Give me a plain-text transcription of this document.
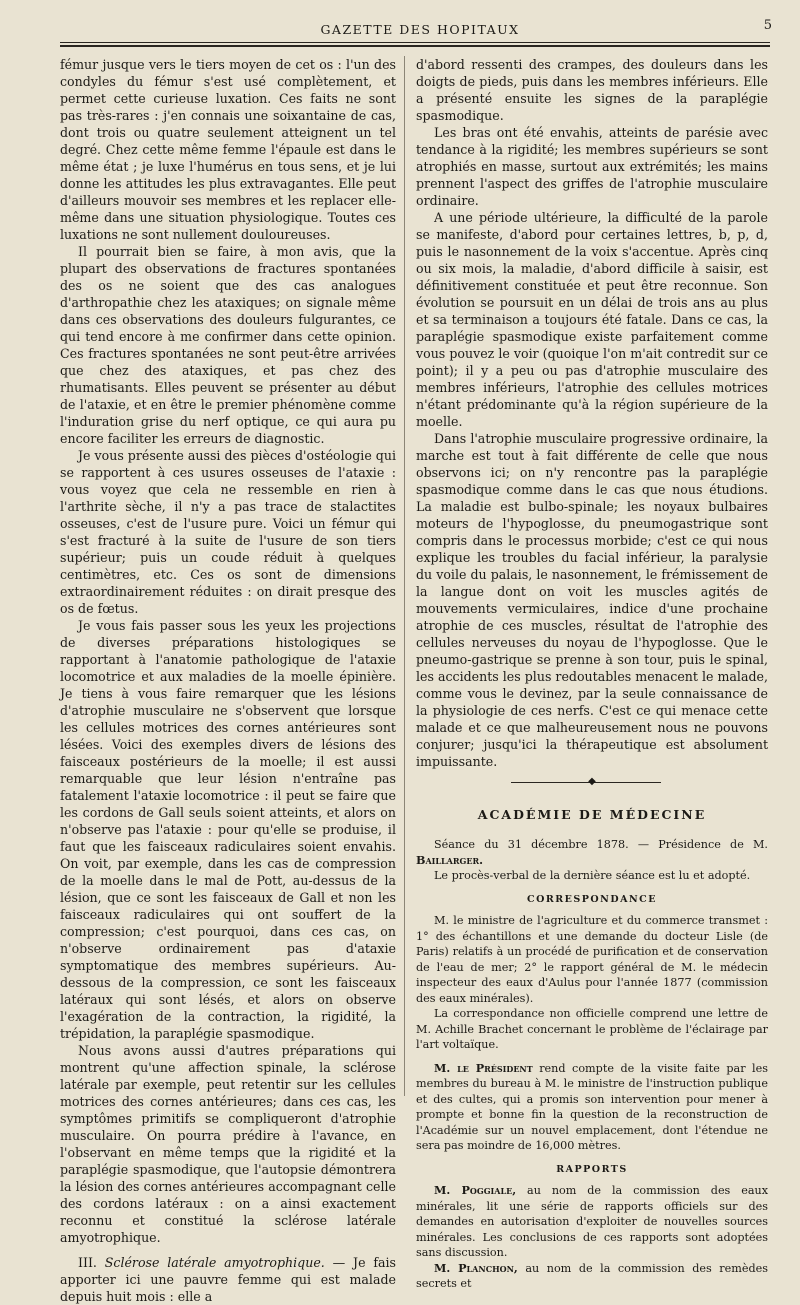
GAZETTE DES HOPITAUX	5

fémur jusque vers le tiers moyen de cet os : l'un des condyles du fémur s'est usé complètement, et permet cette curieuse luxation. Ces faits ne sont pas très-rares : j'en connais une soixantaine de cas, dont trois ou quatre seulement atteignent un tel degré. Chez cette même femme l'épaule est dans le même état ; je luxe l'humérus en tous sens, et je lui donne les attitudes les plus extravagantes. Elle peut d'ailleurs mouvoir ses membres et les replacer elle-même dans une situation physiologique. Toutes ces luxations ne sont nullement douloureuses.

Il pourrait bien se faire, à mon avis, que la plupart des observations de fractures spontanées des os ne soient que des cas analogues d'arthropathie chez les ataxiques; on signale même dans ces observations des douleurs fulgurantes, ce qui tend encore à me confirmer dans cette opinion. Ces fractures spontanées ne sont peut-être arrivées que chez des ataxiques, et pas chez des rhumatisants. Elles peuvent se présenter au début de l'ataxie, et en être le premier phénomène comme l'induration grise du nerf optique, ce qui aura pu encore faciliter les erreurs de diagnostic.

Je vous présente aussi des pièces d'ostéologie qui se rapportent à ces usures osseuses de l'ataxie : vous voyez que cela ne ressemble en rien à l'arthrite sèche, il n'y a pas trace de stalactites osseuses, c'est de l'usure pure. Voici un fémur qui s'est fracturé à la suite de l'usure de son tiers supérieur; puis un coude réduit à quelques centimètres, etc. Ces os sont de dimensions extraordinairement réduites : on dirait presque des os de fœtus.

Je vous fais passer sous les yeux les projections de diverses préparations histologiques se rapportant à l'anatomie pathologique de l'ataxie locomotrice et aux maladies de la moelle épinière. Je tiens à vous faire remarquer que les lésions d'atrophie musculaire ne s'observent que lorsque les cellules motrices des cornes antérieures sont lésées. Voici des exemples divers de lésions des faisceaux postérieurs de la moelle; il est aussi remarquable que leur lésion n'entraîne pas fatalement l'ataxie locomotrice : il peut se faire que les cordons de Gall seuls soient atteints, et alors on n'observe pas l'ataxie : pour qu'elle se produise, il faut que les faisceaux radiculaires soient envahis. On voit, par exemple, dans les cas de compression de la moelle dans le mal de Pott, au-dessus de la lésion, que ce sont les faisceaux de Gall et non les faisceaux radiculaires qui ont souffert de la compression; c'est pourquoi, dans ces cas, on n'observe ordinairement pas d'ataxie symptomatique des membres supérieurs. Au-dessous de la compression, ce sont les faisceaux latéraux qui sont lésés, et alors on observe l'exagération de la contraction, la rigidité, la trépidation, la paraplégie spasmodique.

Nous avons aussi d'autres préparations qui montrent qu'une affection spinale, la sclérose latérale par exemple, peut retentir sur les cellules motrices des cornes antérieures; dans ces cas, les symptômes primitifs se compliqueront d'atrophie musculaire. On pourra prédire à l'avance, en l'observant en même temps que la rigidité et la paraplégie spasmodique, que l'autopsie démontrera la lésion des cornes antérieures accompagnant celle des cordons latéraux : on a ainsi exactement reconnu et constitué la sclérose latérale amyotrophique.

III. Sclérose latérale amyotrophique. — Je fais apporter ici une pauvre femme qui est malade depuis huit mois : elle a

d'abord ressenti des crampes, des douleurs dans les doigts de pieds, puis dans les membres inférieurs. Elle a présenté ensuite les signes de la paraplégie spasmodique.

Les bras ont été envahis, atteints de parésie avec tendance à la rigidité; les membres supérieurs se sont atrophiés en masse, surtout aux extrémités; les mains prennent l'aspect des griffes de l'atrophie musculaire ordinaire.

A une période ultérieure, la difficulté de la parole se manifeste, d'abord pour certaines lettres, b, p, d, puis le nasonnement de la voix s'accentue. Après cinq ou six mois, la maladie, d'abord difficile à saisir, est définitivement constituée et peut être reconnue. Son évolution se poursuit en un délai de trois ans au plus et sa terminaison a toujours été fatale. Dans ce cas, la paraplégie spasmodique existe parfaitement comme vous pouvez le voir (quoique l'on m'ait contredit sur ce point); il y a peu ou pas d'atrophie musculaire des membres inférieurs, l'atrophie des cellules motrices n'étant prédominante qu'à la région supérieure de la moelle.

Dans l'atrophie musculaire progressive ordinaire, la marche est tout à fait différente de celle que nous observons ici; on n'y rencontre pas la paraplégie spasmodique comme dans le cas que nous étudions. La maladie est bulbo-spinale; les noyaux bulbaires moteurs de l'hypoglosse, du pneumogastrique sont compris dans le processus morbide; c'est ce qui nous explique les troubles du facial inférieur, la paralysie du voile du palais, le nasonnement, le frémissement de la langue dont on voit les muscles agités de mouvements vermiculaires, indice d'une prochaine atrophie de ces muscles, résultat de l'atrophie des cellules nerveuses du noyau de l'hypoglosse. Que le pneumo-gastrique se prenne à son tour, puis le spinal, les accidents les plus redoutables menacent le malade, comme vous le devinez, par la seule connaissance de la physiologie de ces nerfs. C'est ce qui menace cette malade et ce que malheureusement nous ne pouvons conjurer; jusqu'ici la thérapeutique est absolument impuissante.

◆
ACADÉMIE DE MÉDECINE

Séance du 31 décembre 1878. — Présidence de M. Baillarger.

Le procès-verbal de la dernière séance est lu et adopté.

CORRESPONDANCE

M. le ministre de l'agriculture et du commerce transmet : 1° des échantillons et une demande du docteur Lisle (de Paris) relatifs à un procédé de purification et de conservation de l'eau de mer; 2° le rapport général de M. le médecin inspecteur des eaux d'Aulus pour l'année 1877 (commission des eaux minérales).

La correspondance non officielle comprend une lettre de M. Achille Brachet concernant le problème de l'éclairage par l'art voltaïque.

M. le Président rend compte de la visite faite par les membres du bureau à M. le ministre de l'instruction publique et des cultes, qui a promis son intervention pour mener à prompte et bonne fin la question de la reconstruction de l'Académie sur un nouvel emplacement, dont l'étendue ne sera pas moindre de 16,000 mètres.

RAPPORTS

M. Poggiale, au nom de la commission des eaux minérales, lit une série de rapports officiels sur des demandes en autorisation d'exploiter de nouvelles sources minérales. Les conclusions de ces rapports sont adoptées sans discussion.

M. Planchon, au nom de la commission des remèdes secrets et
